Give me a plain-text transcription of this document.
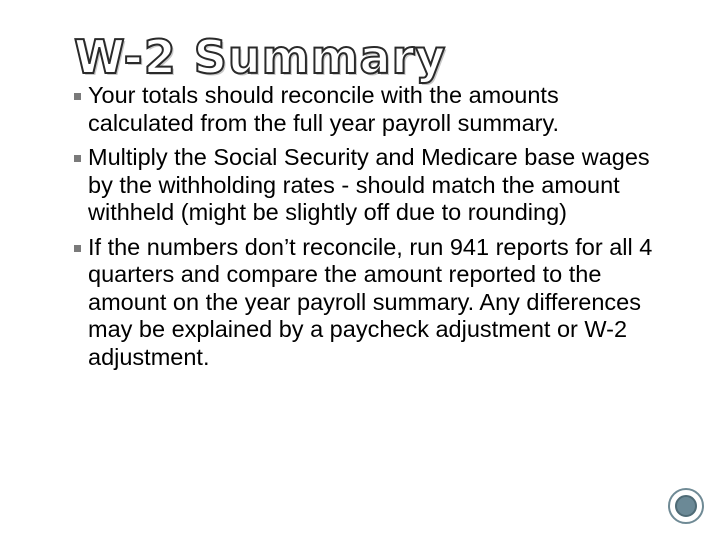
W-2 Summary
Your totals should reconcile with the amounts calculated from the full year payroll summary.
Multiply the Social Security and Medicare base wages by the withholding rates - should match the amount withheld (might be slightly off due to rounding)
If the numbers don’t reconcile, run 941 reports for all 4 quarters and compare the amount reported to the amount on the year payroll summary. Any differences may be explained by a paycheck adjustment or W-2 adjustment.
